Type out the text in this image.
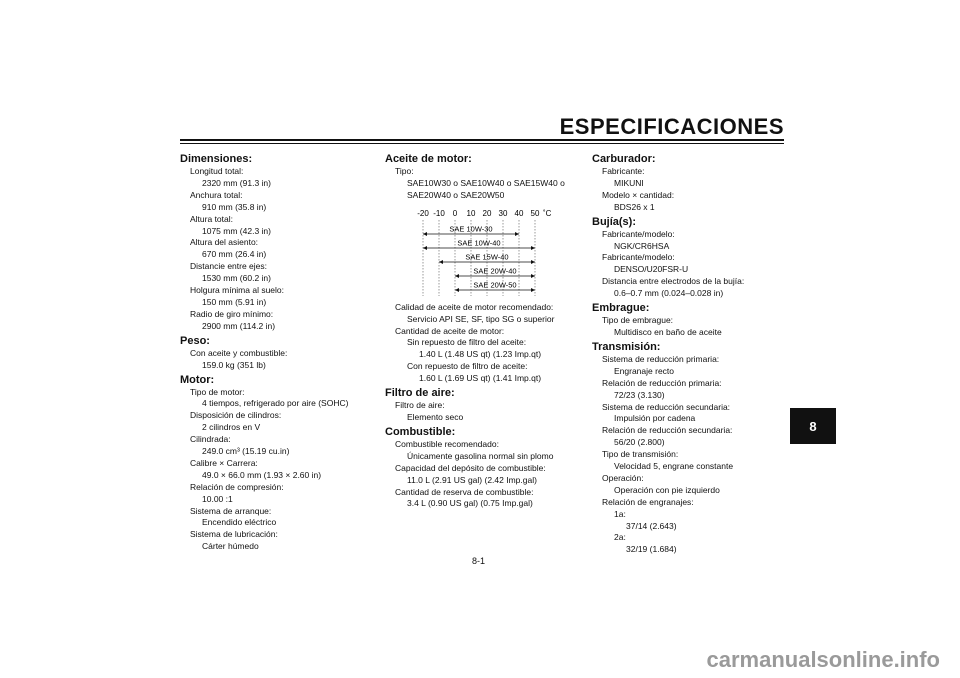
ESPECIFICACIONES
Dimensiones:
Longitud total:
2320 mm (91.3 in)
Anchura total:
910 mm (35.8 in)
Altura total:
1075 mm (42.3 in)
Altura del asiento:
670 mm (26.4 in)
Distancie entre ejes:
1530 mm (60.2 in)
Holgura mínima al suelo:
150 mm (5.91 in)
Radio de giro mínimo:
2900 mm (114.2 in)
Peso:
Con aceite y combustible:
159.0 kg (351 lb)
Motor:
Tipo de motor:
4 tiempos, refrigerado por aire (SOHC)
Disposición de cilindros:
2 cilindros en V
Cilindrada:
249.0 cm³ (15.19 cu.in)
Calibre × Carrera:
49.0 × 66.0 mm (1.93 × 2.60 in)
Relación de compresión:
10.00 :1
Sistema de arranque:
Encendido eléctrico
Sistema de lubricación:
Cárter húmedo
Aceite de motor:
Tipo:
SAE10W30 o SAE10W40 o SAE15W40 o
SAE20W40 o SAE20W50
-20 -10 0 10 20 30 40 50 ˚C
SAE 10W-30
SAE 10W-40
SAE 15W-40
SAE 20W-40
SAE 20W-50
Calidad de aceite de motor recomendado:
Servicio API SE, SF, tipo SG o superior
Cantidad de aceite de motor:
Sin repuesto de filtro del aceite:
1.40 L (1.48 US qt) (1.23 Imp.qt)
Con repuesto de filtro de aceite:
1.60 L (1.69 US qt) (1.41 Imp.qt)
Filtro de aire:
Filtro de aire:
Elemento seco
Combustible:
Combustible recomendado:
Únicamente gasolina normal sin plomo
Capacidad del depósito de combustible:
11.0 L (2.91 US gal) (2.42 Imp.gal)
Cantidad de reserva de combustible:
3.4 L (0.90 US gal) (0.75 Imp.gal)
Carburador:
Fabricante:
MIKUNI
Modelo × cantidad:
BDS26 x 1
Bujía(s):
Fabricante/modelo:
NGK/CR6HSA
Fabricante/modelo:
DENSO/U20FSR-U
Distancia entre electrodos de la bujía:
0.6–0.7 mm (0.024–0.028 in)
Embrague:
Tipo de embrague:
Multidisco en baño de aceite
Transmisión:
Sistema de reducción primaria:
Engranaje recto
Relación de reducción primaria:
72/23 (3.130)
Sistema de reducción secundaria:
Impulsión por cadena
Relación de reducción secundaria:
56/20 (2.800)
Tipo de transmisión:
Velocidad 5, engrane constante
Operación:
Operación con pie izquierdo
Relación de engranajes:
1a:
37/14 (2.643)
2a:
32/19 (1.684)
8
8-1
carmanualsonline.info
